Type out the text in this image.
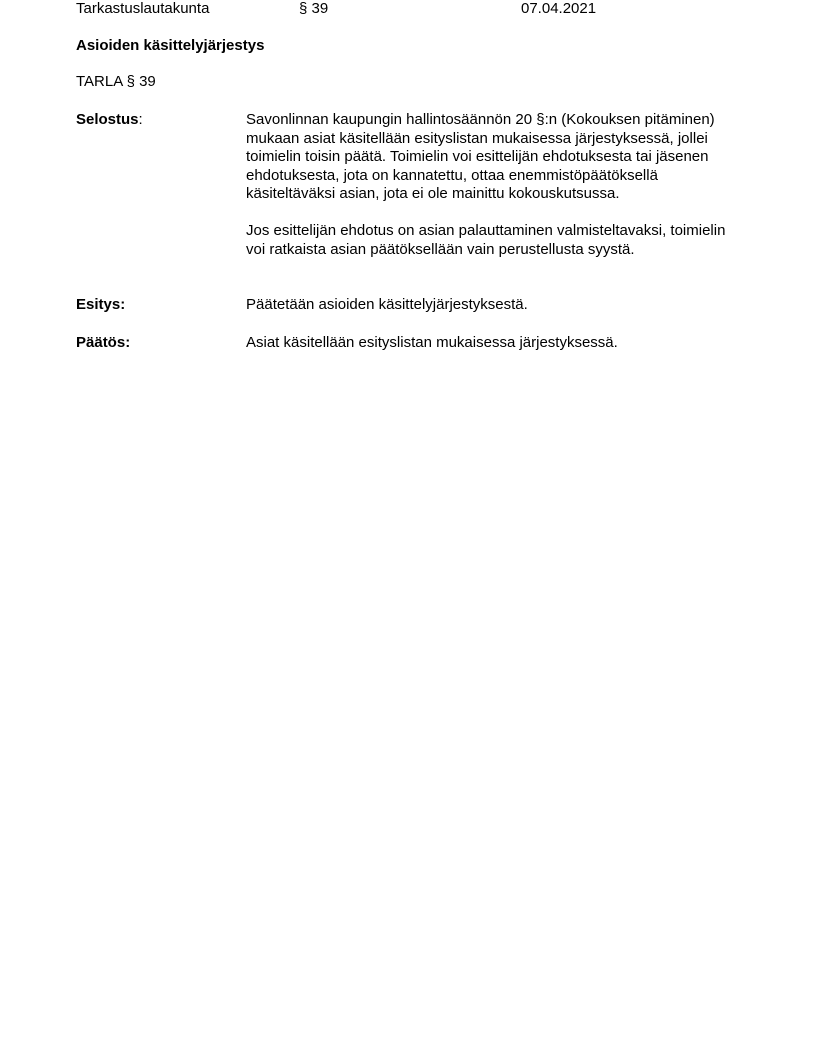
Tarkastuslautakunta	§ 39	07.04.2021
Asioiden käsittelyjärjestys
TARLA § 39
Selostus:	Savonlinnan kaupungin hallintosäännön 20 §:n (Kokouksen pitäminen) mukaan asiat käsitellään esityslistan mukaisessa järjestyksessä, jollei toimielin toisin päätä. Toimielin voi esittelijän ehdotuksesta tai jäsenen ehdotuksesta, jota on kannatettu, ottaa enemmistöpäätöksellä käsiteltäväksi asian, jota ei ole mainittu kokouskutsussa.

Jos esittelijän ehdotus on asian palauttaminen valmisteltavaksi, toimielin voi ratkaista asian päätöksellään vain perustellusta syystä.

Esitys:	Päätetään asioiden käsittelyjärjestyksestä.

Päätös:	Asiat käsitellään esityslistan mukaisessa järjestyksessä.
